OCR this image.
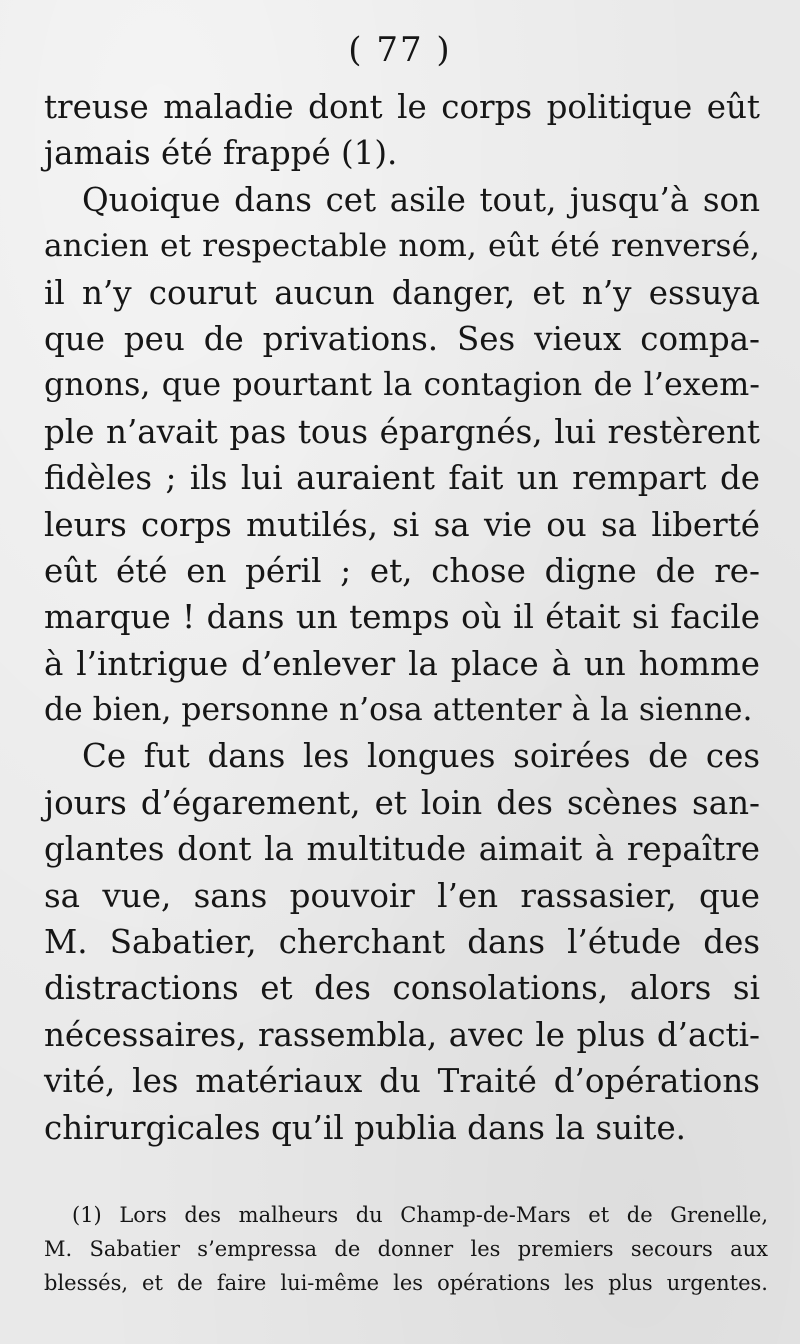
( 77 )
treuse maladie dont le corps politique eût
jamais été frappé (1).
Quoique dans cet asile tout, jusqu’à son
ancien et respectable nom, eût été renversé,
il n’y courut aucun danger, et n’y essuya
que peu de privations. Ses vieux compa-
gnons, que pourtant la contagion de l’exem-
ple n’avait pas tous épargnés, lui restèrent
fidèles ; ils lui auraient fait un rempart de
leurs corps mutilés, si sa vie ou sa liberté
eût été en péril ; et, chose digne de re-
marque ! dans un temps où il était si facile
à l’intrigue d’enlever la place à un homme
de bien, personne n’osa attenter à la sienne.
Ce fut dans les longues soirées de ces
jours d’égarement, et loin des scènes san-
glantes dont la multitude aimait à repaître
sa vue, sans pouvoir l’en rassasier, que
M. Sabatier, cherchant dans l’étude des
distractions et des consolations, alors si
nécessaires, rassembla, avec le plus d’acti-
vité, les matériaux du Traité d’opérations
chirurgicales qu’il publia dans la suite.
(1) Lors des malheurs du Champ-de-Mars et de Grenelle,
M. Sabatier s’empressa de donner les premiers secours aux
blessés, et de faire lui-même les opérations les plus urgentes.
